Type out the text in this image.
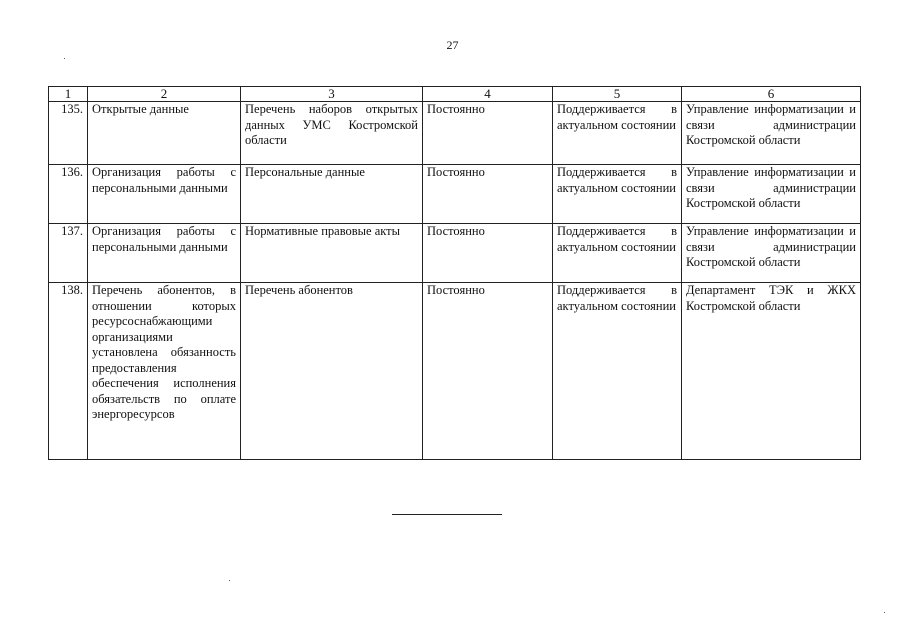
27
1	2	3	4	5	6
135.	Открытые данные	Перечень наборов открытых данных УМС Костромской области	Постоянно	Поддерживается в актуальном состоянии	Управление информатизации и связи администрации Костромской области
136.	Организация работы с персональными данными	Персональные данные	Постоянно	Поддерживается в актуальном состоянии	Управление информатизации и связи администрации Костромской области
137.	Организация работы с персональными данными	Нормативные правовые акты	Постоянно	Поддерживается в актуальном состоянии	Управление информатизации и связи администрации Костромской области
138.	Перечень абонентов, в отношении которых ресурсоснабжающими организациями установлена обязанность предоставления обеспечения исполнения обязательств по оплате энергоресурсов	Перечень абонентов	Постоянно	Поддерживается в актуальном состоянии	Департамент ТЭК и ЖКХ Костромской области
